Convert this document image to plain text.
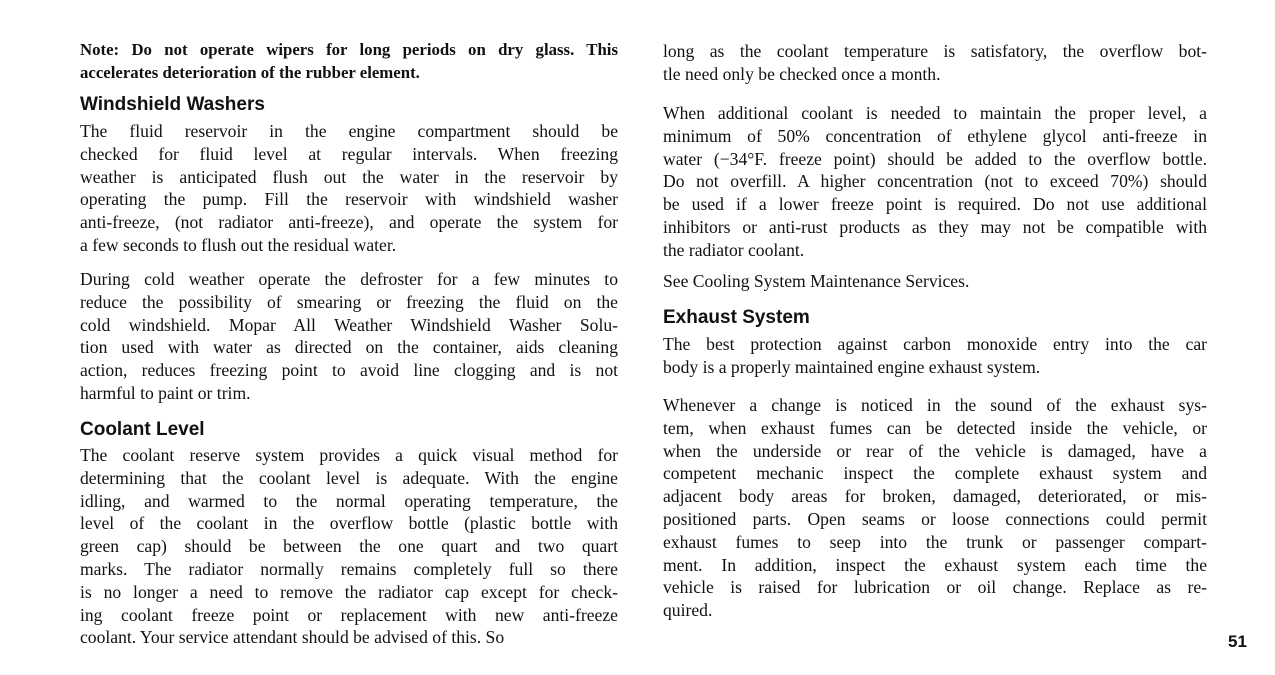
Note: Do not operate wipers for long periods on dry glass. This
accelerates deterioration of the rubber element.
Windshield Washers
The fluid reservoir in the engine compartment should be
checked for fluid level at regular intervals. When freezing
weather is anticipated flush out the water in the reservoir by
operating the pump. Fill the reservoir with windshield washer
anti-freeze, (not radiator anti-freeze), and operate the system for
a few seconds to flush out the residual water.
During cold weather operate the defroster for a few minutes to
reduce the possibility of smearing or freezing the fluid on the
cold windshield. Mopar All Weather Windshield Washer Solu-
tion used with water as directed on the container, aids cleaning
action, reduces freezing point to avoid line clogging and is not
harmful to paint or trim.
Coolant Level
The coolant reserve system provides a quick visual method for
determining that the coolant level is adequate. With the engine
idling, and warmed to the normal operating temperature, the
level of the coolant in the overflow bottle (plastic bottle with
green cap) should be between the one quart and two quart
marks. The radiator normally remains completely full so there
is no longer a need to remove the radiator cap except for check-
ing coolant freeze point or replacement with new anti-freeze
coolant. Your service attendant should be advised of this. So
long as the coolant temperature is satisfatory, the overflow bot-
tle need only be checked once a month.
When additional coolant is needed to maintain the proper level, a
minimum of 50% concentration of ethylene glycol anti-freeze in
water (−34°F. freeze point) should be added to the overflow bottle.
Do not overfill. A higher concentration (not to exceed 70%) should
be used if a lower freeze point is required. Do not use additional
inhibitors or anti-rust products as they may not be compatible with
the radiator coolant.
See Cooling System Maintenance Services.
Exhaust System
The best protection against carbon monoxide entry into the car
body is a properly maintained engine exhaust system.
Whenever a change is noticed in the sound of the exhaust sys-
tem, when exhaust fumes can be detected inside the vehicle, or
when the underside or rear of the vehicle is damaged, have a
competent mechanic inspect the complete exhaust system and
adjacent body areas for broken, damaged, deteriorated, or mis-
positioned parts. Open seams or loose connections could permit
exhaust fumes to seep into the trunk or passenger compart-
ment. In addition, inspect the exhaust system each time the
vehicle is raised for lubrication or oil change. Replace as re-
quired.
51
